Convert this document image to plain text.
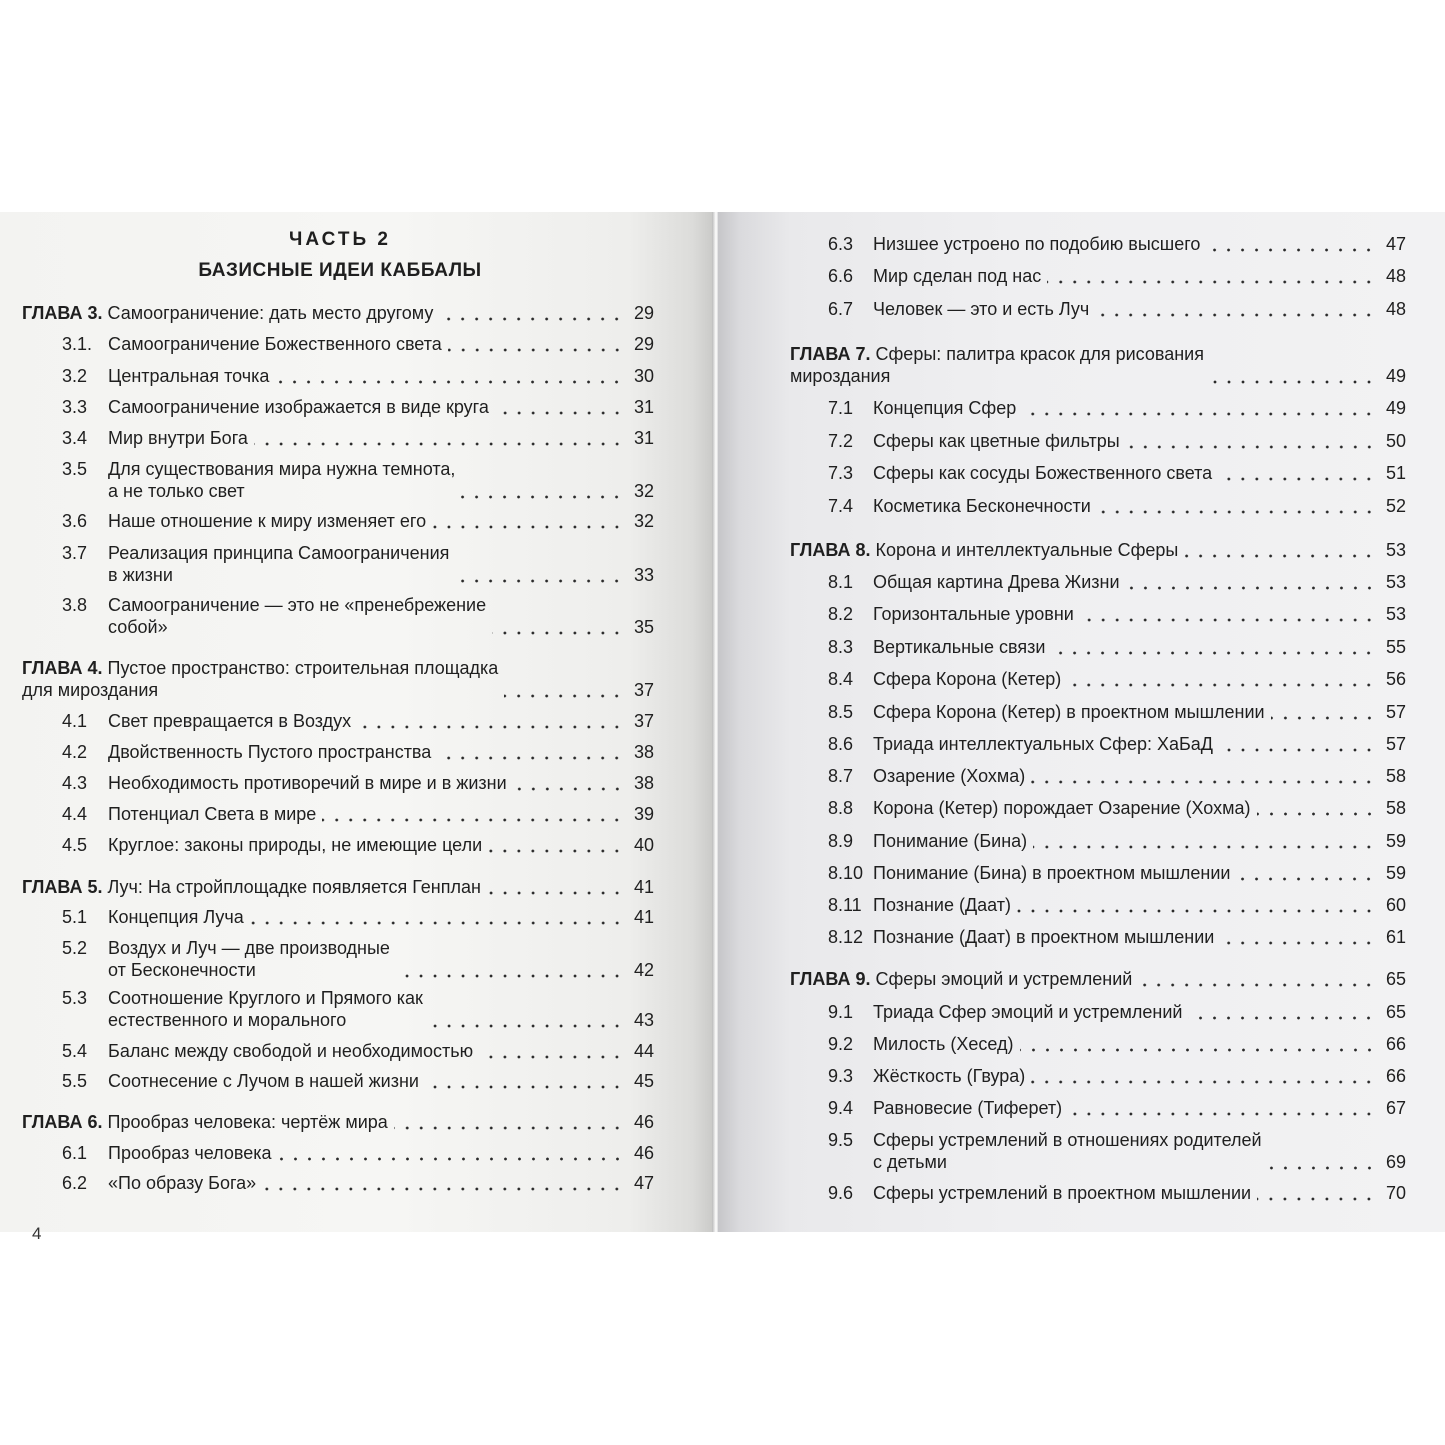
ЧАСТЬ 2
БАЗИСНЫЕ ИДЕИ КАББАЛЫ
ГЛАВА 3. Самоограничение: дать место другому	29
3.1. Самоограничение Божественного света	29
3.2	Центральная точка	30
3.3	Самоограничение изображается в виде круга	31
3.4	Мир внутри Бога	31
3.5	Для существования мира нужна темнота,
а не только свет	32
3.6	Наше отношение к миру изменяет его	32
3.7	Реализация принципа Самоограничения
в жизни	33
3.8	Самоограничение — это не «пренебрежение
собой»	35
ГЛАВА 4. Пустое пространство: строительная площадка
для мироздания	37
4.1	Свет превращается в Воздух	37
4.2	Двойственность Пустого пространства	38
4.3	Необходимость противоречий в мире и в жизни	38
4.4	Потенциал Света в мире	39
4.5	Круглое: законы природы, не имеющие цели	40
ГЛАВА 5. Луч: На стройплощадке появляется Генплан	41
5.1	Концепция Луча	41
5.2	Воздух и Луч — две производные
от Бесконечности	42
5.3	Соотношение Круглого и Прямого как
естественного и морального	43
5.4	Баланс между свободой и необходимостью	44
5.5	Соотнесение с Лучом в нашей жизни	45
ГЛАВА 6. Прообраз человека: чертёж мира	46
6.1	Прообраз человека	46
6.2	«По образу Бога»	47
4
6.3	Низшее устроено по подобию высшего	47
6.6	Мир сделан под нас	48
6.7	Человек — это и есть Луч	48
ГЛАВА 7. Сферы: палитра красок для рисования
мироздания	49
7.1	Концепция Сфер	49
7.2	Сферы как цветные фильтры	50
7.3	Сферы как сосуды Божественного света	51
7.4	Косметика Бесконечности	52
ГЛАВА 8. Корона и интеллектуальные Сферы	53
8.1	Общая картина Древа Жизни	53
8.2	Горизонтальные уровни	53
8.3	Вертикальные связи	55
8.4	Сфера Корона (Кетер)	56
8.5	Сфера Корона (Кетер) в проектном мышлении	57
8.6	Триада интеллектуальных Сфер: ХаБаД	57
8.7	Озарение (Хохма)	58
8.8	Корона (Кетер) порождает Озарение (Хохма)	58
8.9	Понимание (Бина)	59
8.10 Понимание (Бина) в проектном мышлении	59
8.11 Познание (Даат)	60
8.12 Познание (Даат) в проектном мышлении	61
ГЛАВА 9. Сферы эмоций и устремлений	65
9.1	Триада Сфер эмоций и устремлений	65
9.2	Милость (Хесед)	66
9.3	Жёсткость (Гвура)	66
9.4	Равновесие (Тиферет)	67
9.5	Сферы устремлений в отношениях родителей
с детьми	69
9.6	Сферы устремлений в проектном мышлении	70
